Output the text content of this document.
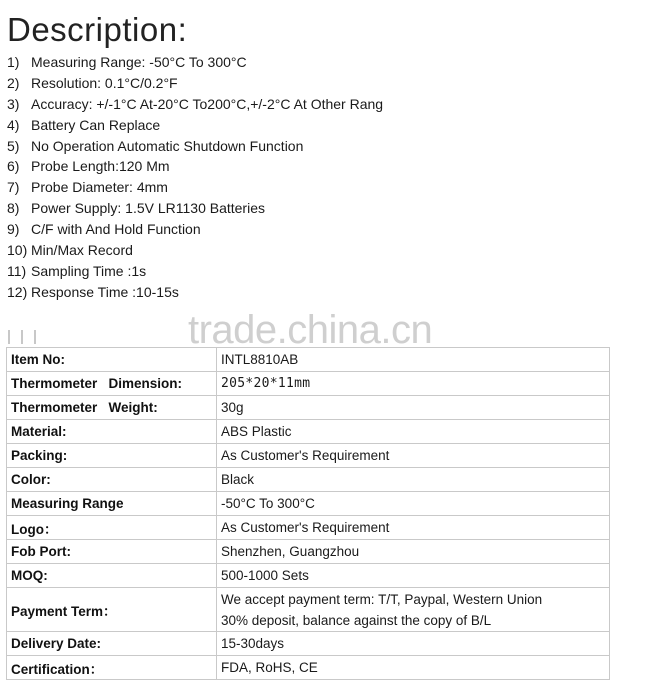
Description:
1) Measuring Range: -50°C To 300°C
2) Resolution: 0.1°C/0.2°F
3) Accuracy: +/-1°C At-20°C To200°C,+/-2°C At Other Rang
4) Battery Can Replace
5) No Operation Automatic Shutdown Function
6) Probe Length:120 Mm
7) Probe Diameter: 4mm
8) Power Supply: 1.5V LR1130 Batteries
9) C/F with And Hold Function
10) Min/Max Record
11) Sampling Time :1s
12) Response Time :10-15s
trade.china.cn
Item No:	INTL8810AB
Thermometer   Dimension:	205*20*11mm
Thermometer   Weight:	30g
Material:	ABS Plastic
Packing:	As Customer's Requirement
Color:	Black
Measuring Range	-50°C To 300°C
Logo：	As Customer's Requirement
Fob Port:	Shenzhen, Guangzhou
MOQ:	500-1000 Sets
Payment Term：	We accept payment term: T/T, Paypal, Western Union
30% deposit, balance against the copy of B/L

Delivery Date:	15-30days
Certification：	FDA, RoHS, CE
